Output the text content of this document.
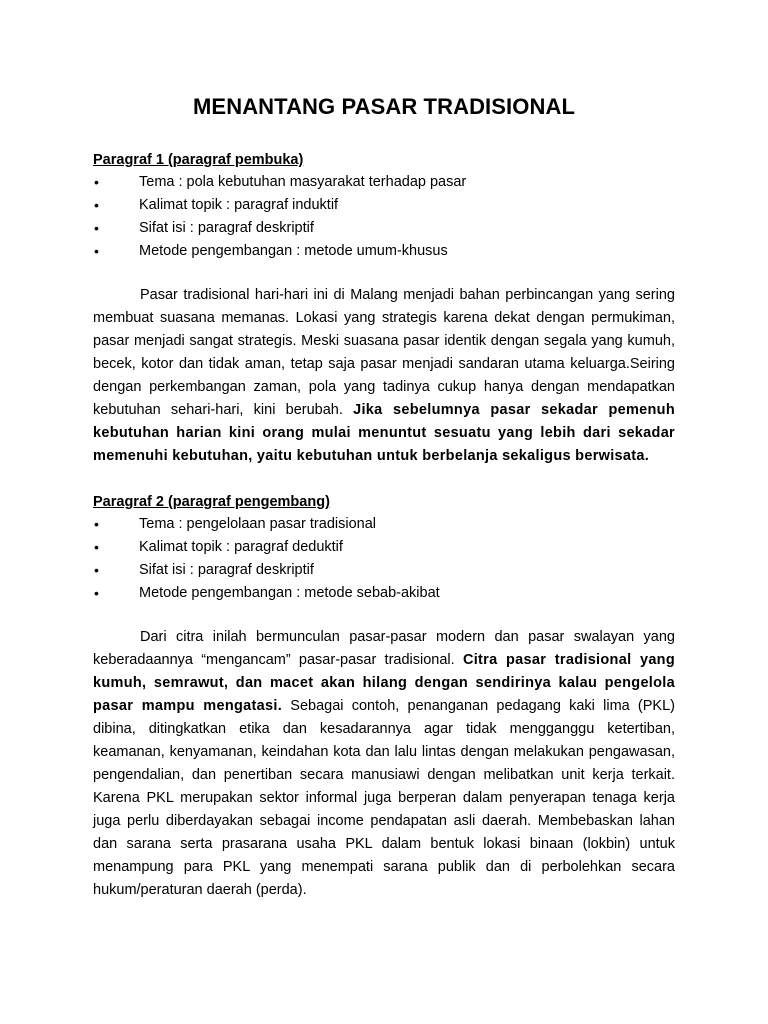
MENANTANG PASAR TRADISIONAL

Paragraf 1 (paragraf pembuka)

•	Tema : pola kebutuhan masyarakat terhadap pasar
•	Kalimat topik : paragraf induktif
•	Sifat isi : paragraf deskriptif
•	Metode pengembangan : metode umum-khusus

Pasar tradisional hari-hari ini di Malang menjadi bahan perbincangan yang sering membuat suasana memanas. Lokasi yang strategis karena dekat dengan permukiman, pasar menjadi sangat strategis. Meski suasana pasar identik dengan segala yang kumuh, becek, kotor dan tidak aman, tetap saja pasar menjadi sandaran utama keluarga.Seiring dengan perkembangan zaman, pola yang tadinya cukup hanya dengan mendapatkan kebutuhan sehari-hari, kini berubah. Jika sebelumnya pasar sekadar pemenuh kebutuhan harian kini orang mulai menuntut sesuatu yang lebih dari sekadar memenuhi kebutuhan, yaitu kebutuhan untuk berbelanja sekaligus berwisata.

Paragraf 2 (paragraf pengembang)

•	Tema : pengelolaan pasar tradisional
•	Kalimat topik : paragraf deduktif
•	Sifat isi : paragraf deskriptif
•	Metode pengembangan : metode sebab-akibat

Dari citra inilah bermunculan pasar-pasar modern dan pasar swalayan yang keberadaannya “mengancam” pasar-pasar tradisional. Citra pasar tradisional yang kumuh, semrawut, dan macet akan hilang dengan sendirinya kalau pengelola pasar mampu mengatasi. Sebagai contoh, penanganan pedagang kaki lima (PKL) dibina, ditingkatkan etika dan kesadarannya agar tidak mengganggu ketertiban, keamanan, kenyamanan, keindahan kota dan lalu lintas dengan melakukan pengawasan, pengendalian, dan penertiban secara manusiawi dengan melibatkan unit kerja terkait. Karena PKL merupakan sektor informal juga berperan dalam penyerapan tenaga kerja juga perlu diberdayakan sebagai income pendapatan asli daerah. Membebaskan lahan dan sarana serta prasarana usaha PKL dalam bentuk lokasi binaan (lokbin) untuk menampung para PKL yang menempati sarana publik dan di perbolehkan secara hukum/peraturan daerah (perda).
